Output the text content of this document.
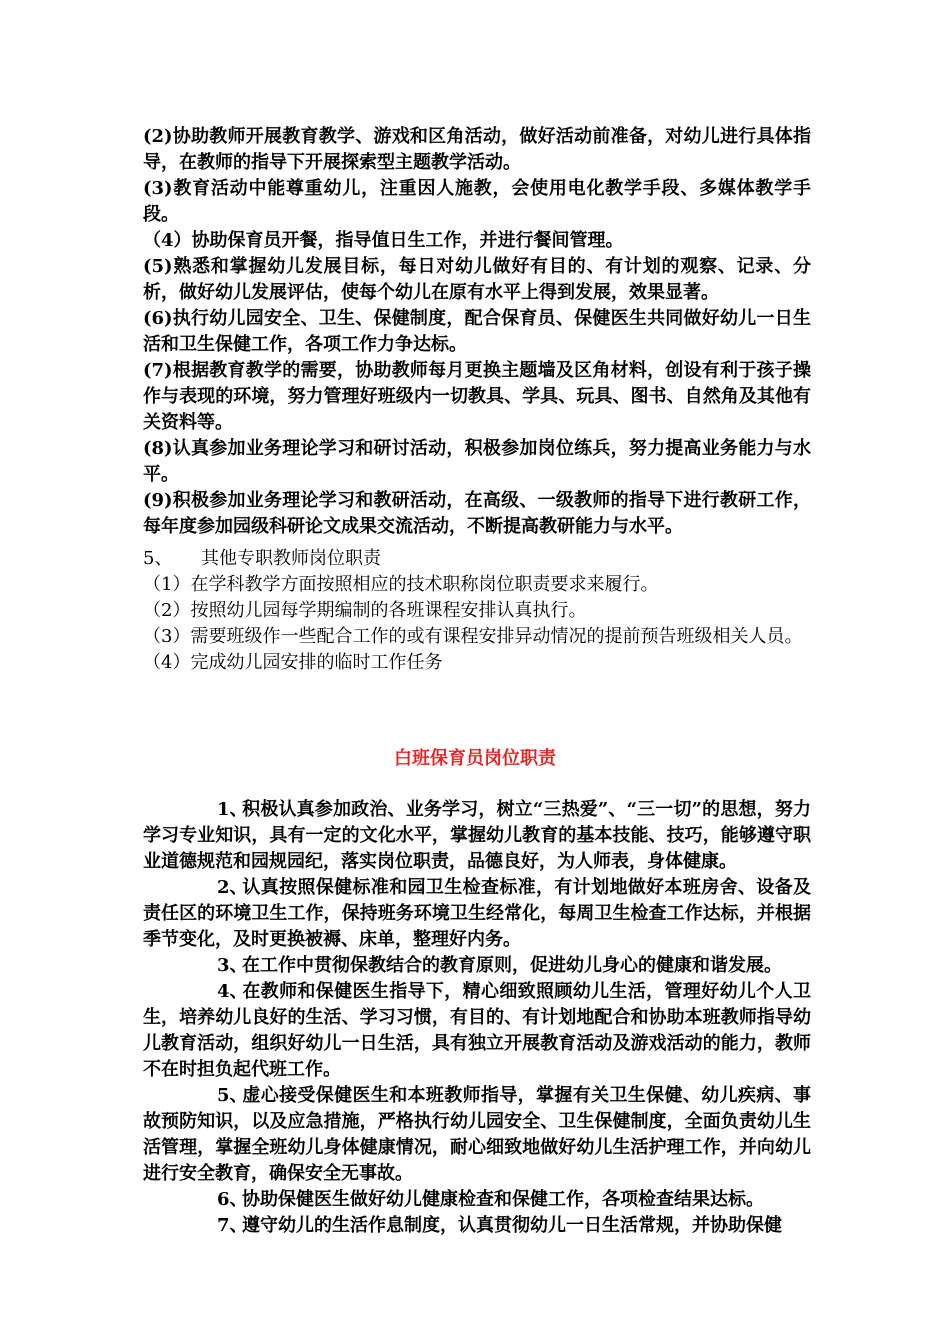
(2)协助教师开展教育教学、游戏和区角活动，做好活动前准备，对幼儿进行具体指导，在教师的指导下开展探索型主题教学活动。

(3)教育活动中能尊重幼儿，注重因人施教，会使用电化教学手段、多媒体教学手段。

（4）协助保育员开餐，指导值日生工作，并进行餐间管理。

(5)熟悉和掌握幼儿发展目标，每日对幼儿做好有目的、有计划的观察、记录、分析，做好幼儿发展评估，使每个幼儿在原有水平上得到发展，效果显著。

(6)执行幼儿园安全、卫生、保健制度，配合保育员、保健医生共同做好幼儿一日生活和卫生保健工作，各项工作力争达标。

(7)根据教育教学的需要，协助教师每月更换主题墙及区角材料，创设有利于孩子操作与表现的环境，努力管理好班级内一切教具、学具、玩具、图书、自然角及其他有关资料等。

(8)认真参加业务理论学习和研讨活动，积极参加岗位练兵，努力提高业务能力与水平。

(9)积极参加业务理论学习和教研活动，在高级、一级教师的指导下进行教研工作，每年度参加园级科研论文成果交流活动，不断提高教研能力与水平。

5、 其他专职教师岗位职责

（1）在学科教学方面按照相应的技术职称岗位职责要求来履行。

（2）按照幼儿园每学期编制的各班课程安排认真执行。

（3）需要班级作一些配合工作的或有课程安排异动情况的提前预告班级相关人员。

（4）完成幼儿园安排的临时工作任务

白班保育员岗位职责

1、积极认真参加政治、业务学习，树立“三热爱”、“三一切”的思想，努力学习专业知识，具有一定的文化水平，掌握幼儿教育的基本技能、技巧，能够遵守职业道德规范和园规园纪，落实岗位职责，品德良好，为人师表，身体健康。

2、认真按照保健标准和园卫生检查标准，有计划地做好本班房舍、设备及责任区的环境卫生工作，保持班务环境卫生经常化，每周卫生检查工作达标，并根据季节变化，及时更换被褥、床单，整理好内务。

3、在工作中贯彻保教结合的教育原则，促进幼儿身心的健康和谐发展。

4、在教师和保健医生指导下，精心细致照顾幼儿生活，管理好幼儿个人卫生，培养幼儿良好的生活、学习习惯，有目的、有计划地配合和协助本班教师指导幼儿教育活动，组织好幼儿一日生活，具有独立开展教育活动及游戏活动的能力，教师不在时担负起代班工作。

5、虚心接受保健医生和本班教师指导，掌握有关卫生保健、幼儿疾病、事故预防知识，以及应急措施，严格执行幼儿园安全、卫生保健制度，全面负责幼儿生活管理，掌握全班幼儿身体健康情况，耐心细致地做好幼儿生活护理工作，并向幼儿进行安全教育，确保安全无事故。

6、协助保健医生做好幼儿健康检查和保健工作，各项检查结果达标。

7、遵守幼儿的生活作息制度，认真贯彻幼儿一日生活常规，并协助保健
